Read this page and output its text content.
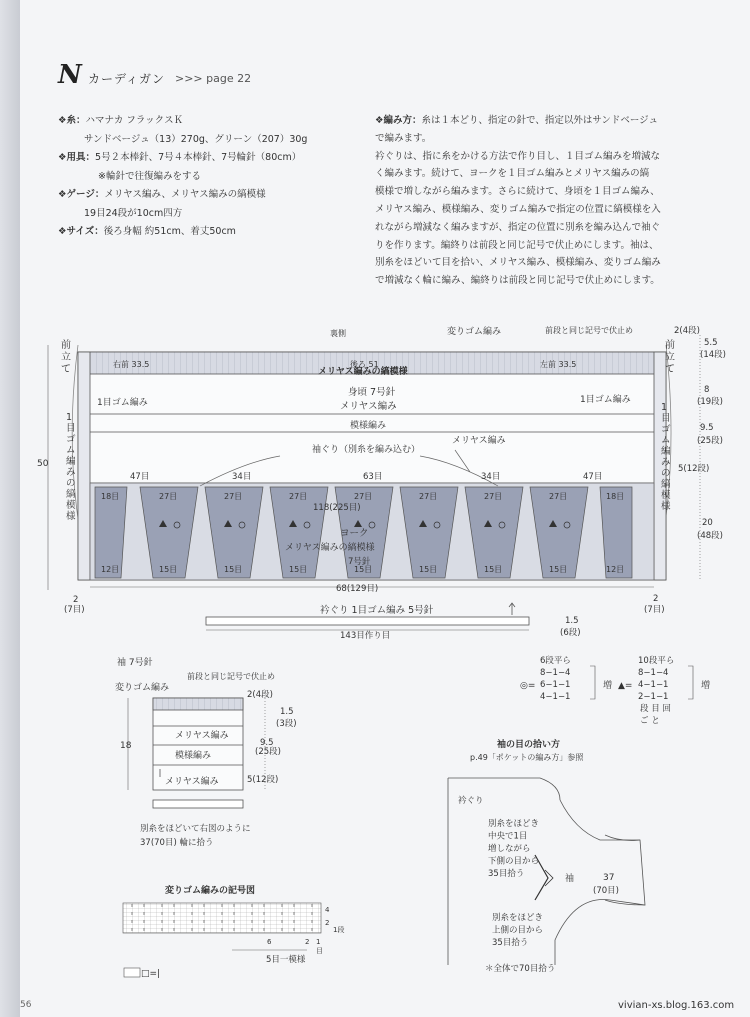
N カーディガン >>> page 22
❖糸：ハマナカ フラックスＫ
サンドベージュ（13）270g、グリーン（207）30g
❖用具：5号２本棒針、7号４本棒針、7号輪針（80cm）
※輪針で往復編みをする
❖ゲージ：メリヤス編み、メリヤス編みの縞模様
19目24段が10cm四方
❖サイズ：後ろ身幅 約51cm、着丈50cm
❖編み方：糸は１本どり、指定の針で、指定以外はサンドベージュ
で編みます。
衿ぐりは、指に糸をかける方法で作り目し、１目ゴム編みを増減な
く編みます。続けて、ヨークを１目ゴム編みとメリヤス編みの縞
模様で増しながら編みます。さらに続けて、身頃を１目ゴム編み、
メリヤス編み、模様編み、変りゴム編みで指定の位置に縞模様を入
れながら増減なく編みますが、指定の位置に別糸を編み込んで袖ぐ
りを作ります。編終りは前段と同じ記号で伏止めにします。袖は、
別糸をほどいて目を拾い、メリヤス編み、模様編み、変りゴム編み
で増減なく輪に編み、編終りは前段と同じ記号で伏止めにします。
18目
12目
27目
15目
27目
15目
27目
15目
27目
15目
27目
15目
27目
15目
27目
15目
18目
12目
裏側	変りゴム編み	前段と同じ記号で伏止め
右前 33.5	後ろ 51
メリヤス編みの縞模様
左前 33.5
身頃 7号針
メリヤス編み
1目ゴム編み	1目ゴム編み
模様編み
袖ぐり（別糸を編み込む）
メリヤス編み
47目	34目	63目	34目	47目
118(225目)
ヨーク
メリヤス編みの縞模様
7号針
68(129目)
前立て
1 目ゴム編みの縞模様
前立て
1 目ゴム編みの縞模様
50
2
(7目)
2(4段)
5.5
(14段)
8
(19段)
9.5
(25段)
5(12段)
20
(48段)
2
(7目)
衿ぐり 1目ゴム編み 5号針
143目作り目
1.5
(6段)
袖 7号針
変りゴム編み
前段と同じ記号で伏止め
メリヤス編み
模様編み
メリヤス編み
18
2(4段)
1.5
(3段)
9.5
(25段)
5(12段)
別糸をほどいて右図のように
37(70目) 輪に拾う
◎=
6段平ら
8−1−4
6−1−1
4−1−1
増 ▲=
10段平ら
8−1−4
4−1−1
2−1−1
段 目 回
ご と
増
袖の目の拾い方
p.49「ポケットの編み方」参照
衿ぐり
別糸をほどき
中央で1目
増しながら
下側の目から
35目拾う
別糸をほどき
上側の目から
35目拾う
袖	37
(70目)
＊全体で70目拾う
変りゴム編みの記号図
4
2
1段
6	2 1
目
5目一模様
□=|
56	vivian-xs.blog.163.com
